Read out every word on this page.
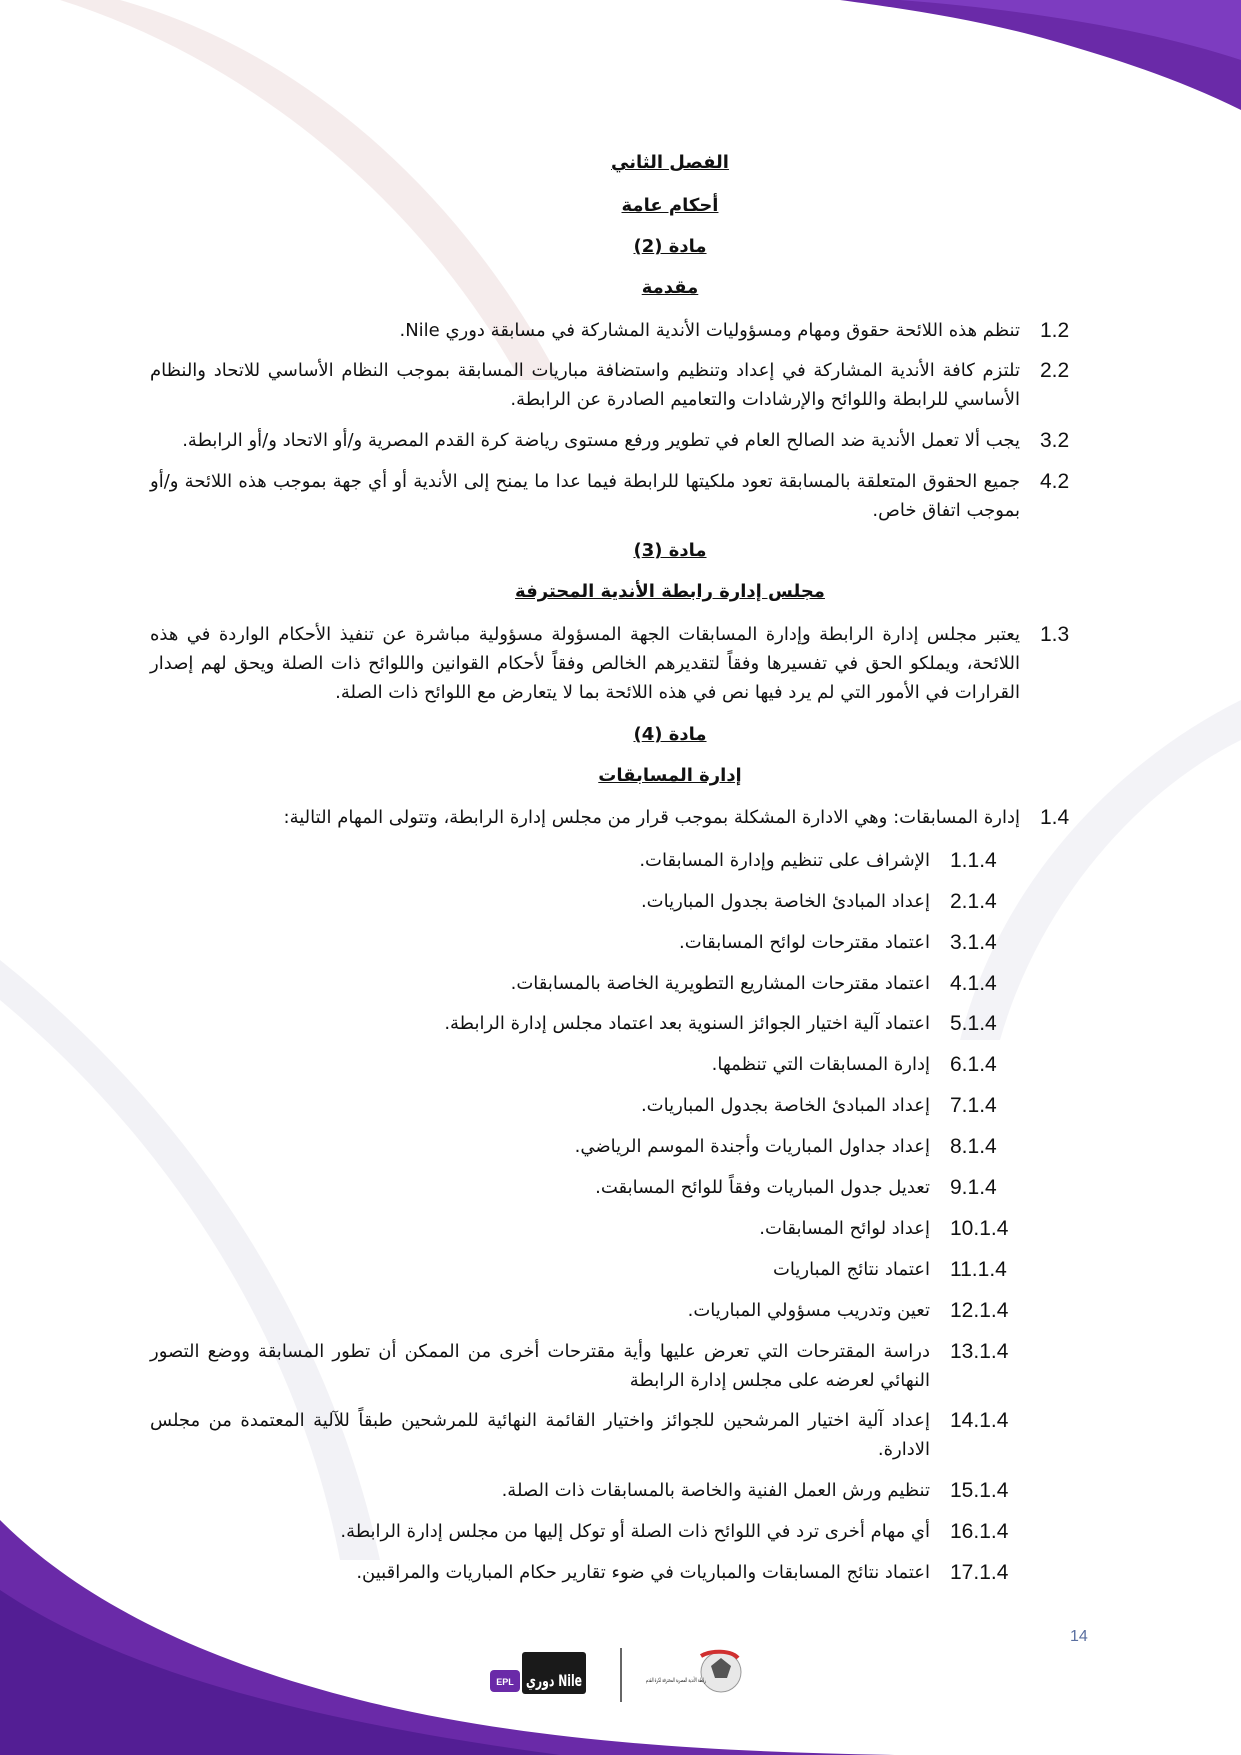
الفصل الثاني
أحكام عامة
مادة (2)
مقدمة
1.2
تنظم هذه اللائحة حقوق ومهام ومسؤوليات الأندية المشاركة في مسابقة دوري Nile.
2.2
تلتزم كافة الأندية المشاركة في إعداد وتنظيم واستضافة مباريات المسابقة بموجب النظام الأساسي للاتحاد والنظام الأساسي للرابطة واللوائح والإرشادات والتعاميم الصادرة عن الرابطة.
3.2
يجب ألا تعمل الأندية ضد الصالح العام في تطوير ورفع مستوى رياضة كرة القدم المصرية و/أو الاتحاد و/أو الرابطة.
4.2
جميع الحقوق المتعلقة بالمسابقة تعود ملكيتها للرابطة فيما عدا ما يمنح إلى الأندية أو أي جهة بموجب هذه اللائحة و/أو بموجب اتفاق خاص.
مادة (3)
مجلس إدارة رابطة الأندية المحترفة
1.3
يعتبر مجلس إدارة الرابطة وإدارة المسابقات الجهة المسؤولة مسؤولية مباشرة عن تنفيذ الأحكام الواردة في هذه اللائحة، ويملكو الحق في تفسيرها وفقاً لتقديرهم الخالص وفقاً لأحكام القوانين واللوائح ذات الصلة ويحق لهم إصدار القرارات في الأمور التي لم يرد فيها نص في هذه اللائحة بما لا يتعارض مع اللوائح ذات الصلة.
مادة (4)
إدارة المسابقات
1.4
إدارة المسابقات: وهي الادارة المشكلة بموجب قرار من مجلس إدارة الرابطة، وتتولى المهام التالية:
1.1.4
الإشراف على تنظيم وإدارة المسابقات.
2.1.4
إعداد المبادئ الخاصة بجدول المباريات.
3.1.4
اعتماد مقترحات لوائح المسابقات.
4.1.4
اعتماد مقترحات المشاريع التطويرية الخاصة بالمسابقات.
5.1.4
اعتماد آلية اختيار الجوائز السنوية بعد اعتماد مجلس إدارة الرابطة.
6.1.4
إدارة المسابقات التي تنظمها.
7.1.4
إعداد المبادئ الخاصة بجدول المباريات.
8.1.4
إعداد جداول المباريات وأجندة الموسم الرياضي.
9.1.4
تعديل جدول المباريات وفقاً للوائح المسابقت.
10.1.4
إعداد لوائح المسابقات.
11.1.4
اعتماد نتائج المباريات
12.1.4
تعين وتدريب مسؤولي المباريات.
13.1.4
دراسة المقترحات التي تعرض عليها وأية مقترحات أخرى من الممكن أن تطور المسابقة ووضع التصور النهائي لعرضه على مجلس إدارة الرابطة
14.1.4
إعداد آلية اختيار المرشحين للجوائز واختيار القائمة النهائية للمرشحين طبقاً للآلية المعتمدة من مجلس الادارة.
15.1.4
تنظيم ورش العمل الفنية والخاصة بالمسابقات ذات الصلة.
16.1.4
أي مهام أخرى ترد في اللوائح ذات الصلة أو توكل إليها من مجلس إدارة الرابطة.
17.1.4
اعتماد نتائج المسابقات والمباريات في ضوء تقارير حكام المباريات والمراقبين.
14
EPL دوري Nile	رابطة الأندية المصرية المحترفة لكرة القدم
